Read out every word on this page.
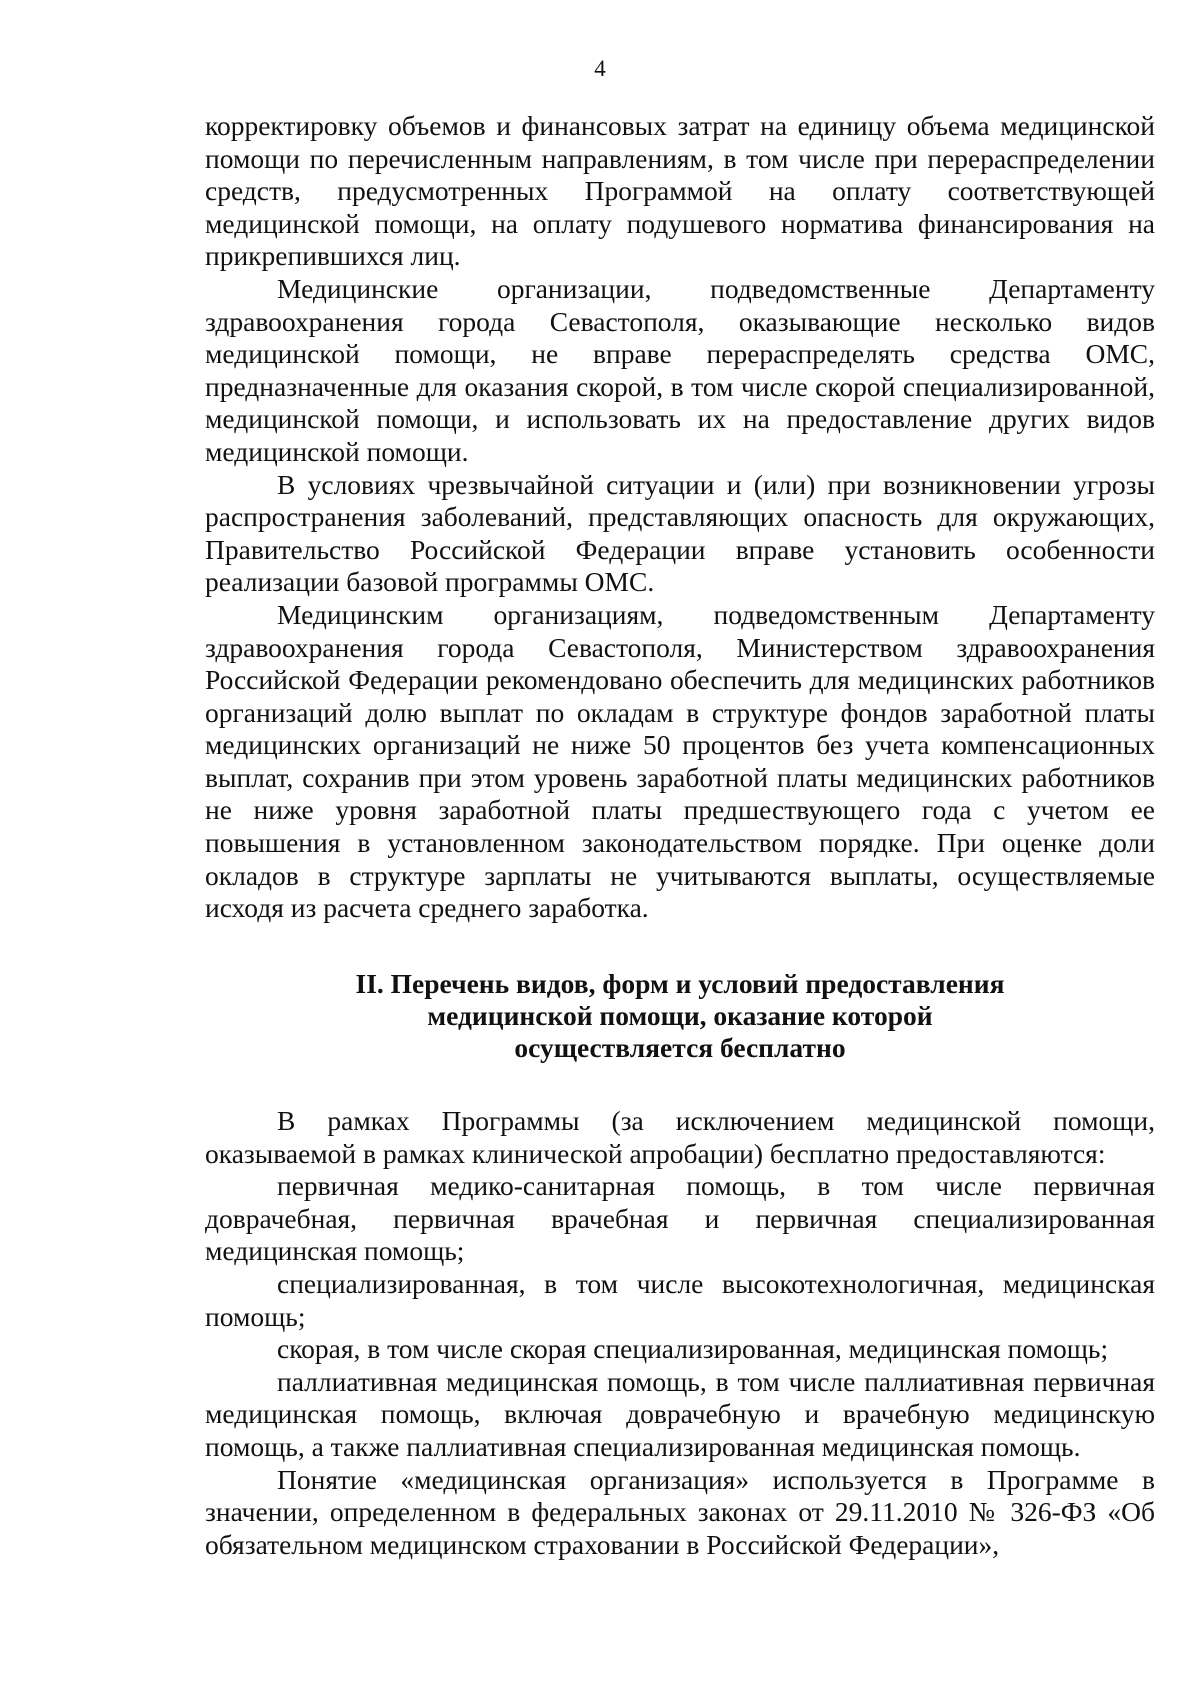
4

корректировку объемов и финансовых затрат на единицу объема медицинской помощи по перечисленным направлениям, в том числе при перераспределении средств, предусмотренных Программой на оплату соответствующей медицинской помощи, на оплату подушевого норматива финансирования на прикрепившихся лиц.

Медицинские организации, подведомственные Департаменту здравоохранения города Севастополя, оказывающие несколько видов медицинской помощи, не вправе перераспределять средства ОМС, предназначенные для оказания скорой, в том числе скорой специализированной, медицинской помощи, и использовать их на предоставление других видов медицинской помощи.

В условиях чрезвычайной ситуации и (или) при возникновении угрозы распространения заболеваний, представляющих опасность для окружающих, Правительство Российской Федерации вправе установить особенности реализации базовой программы ОМС.

Медицинским организациям, подведомственным Департаменту здравоохранения города Севастополя, Министерством здравоохранения Российской Федерации рекомендовано обеспечить для медицинских работников организаций долю выплат по окладам в структуре фондов заработной платы медицинских организаций не ниже 50 процентов без учета компенсационных выплат, сохранив при этом уровень заработной платы медицинских работников не ниже уровня заработной платы предшествующего года с учетом ее повышения в установленном законодательством порядке. При оценке доли окладов в структуре зарплаты не учитываются выплаты, осуществляемые исходя из расчета среднего заработка.

II. Перечень видов, форм и условий предоставления
медицинской помощи, оказание которой
осуществляется бесплатно

В рамках Программы (за исключением медицинской помощи, оказываемой в рамках клинической апробации) бесплатно предоставляются:

первичная медико-санитарная помощь, в том числе первичная доврачебная, первичная врачебная и первичная специализированная медицинская помощь;

специализированная, в том числе высокотехнологичная, медицинская помощь;

скорая, в том числе скорая специализированная, медицинская помощь;

паллиативная медицинская помощь, в том числе паллиативная первичная медицинская помощь, включая доврачебную и врачебную медицинскую помощь, а также паллиативная специализированная медицинская помощь.

Понятие «медицинская организация» используется в Программе в значении, определенном в федеральных законах от 29.11.2010 № 326-ФЗ «Об обязательном медицинском страховании в Российской Федерации»,
